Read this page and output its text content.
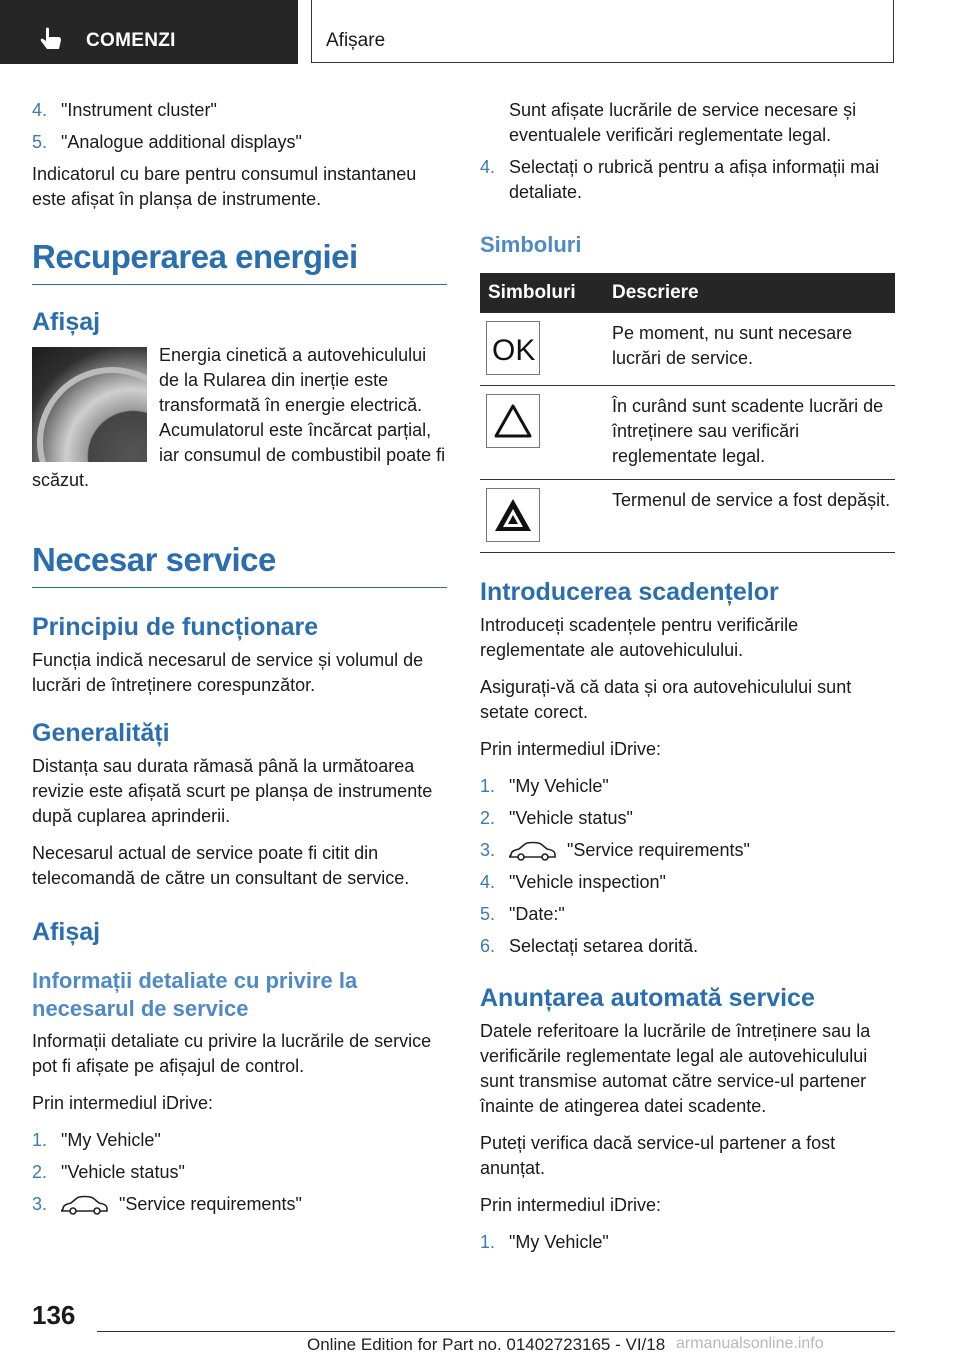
COMENZI	Afișare
4. "Instrument cluster"
5. "Analogue additional displays"

Indicatorul cu bare pentru consumul instantaneu este afișat în planșa de instrumente.

Recuperarea energiei
Afișaj

Energia cinetică a autovehiculului de la Rularea din inerție este transformată în energie electrică. Acumulatorul este încărcat parțial, iar consumul de combustibil poate fi scăzut.

Necesar service
Principiu de funcționare

Funcția indică necesarul de service și volumul de lucrări de întreținere corespunzător.

Generalități

Distanța sau durata rămasă până la următoarea revizie este afișată scurt pe planșa de instrumente după cuplarea aprinderii.

Necesarul actual de service poate fi citit din telecomandă de către un consultant de service.

Afișaj
Informații detaliate cu privire la necesarul de service

Informații detaliate cu privire la lucrările de service pot fi afișate pe afișajul de control.

Prin intermediul iDrive:

1. "My Vehicle"
2. "Vehicle status"
3.	"Service requirements"
Sunt afișate lucrările de service necesare și eventualele verificări reglementate legal.
4. Selectați o rubrică pentru a afișa informații mai detaliate.
Simboluri
Simboluri	Descriere

OK	Pe moment, nu sunt necesare lucrări de service.

	În curând sunt scadente lucrări de întreținere sau verificări reglementate legal.

	Termenul de service a fost depășit.
Introducerea scadențelor

Introduceți scadențele pentru verificările reglementate ale autovehiculului.

Asigurați-vă că data și ora autovehiculului sunt setate corect.

Prin intermediul iDrive:

1. "My Vehicle"
2. "Vehicle status"
3.	"Service requirements"
4. "Vehicle inspection"
5. "Date:"
6. Selectați setarea dorită.
Anunțarea automată service

Datele referitoare la lucrările de întreținere sau la verificările reglementate legal ale autovehiculului sunt transmise automat către service-ul partener înainte de atingerea datei scadente.

Puteți verifica dacă service-ul partener a fost anunțat.

Prin intermediul iDrive:

1. "My Vehicle"
136
Online Edition for Part no. 01402723165 - VI/18 armanualsonline.info
